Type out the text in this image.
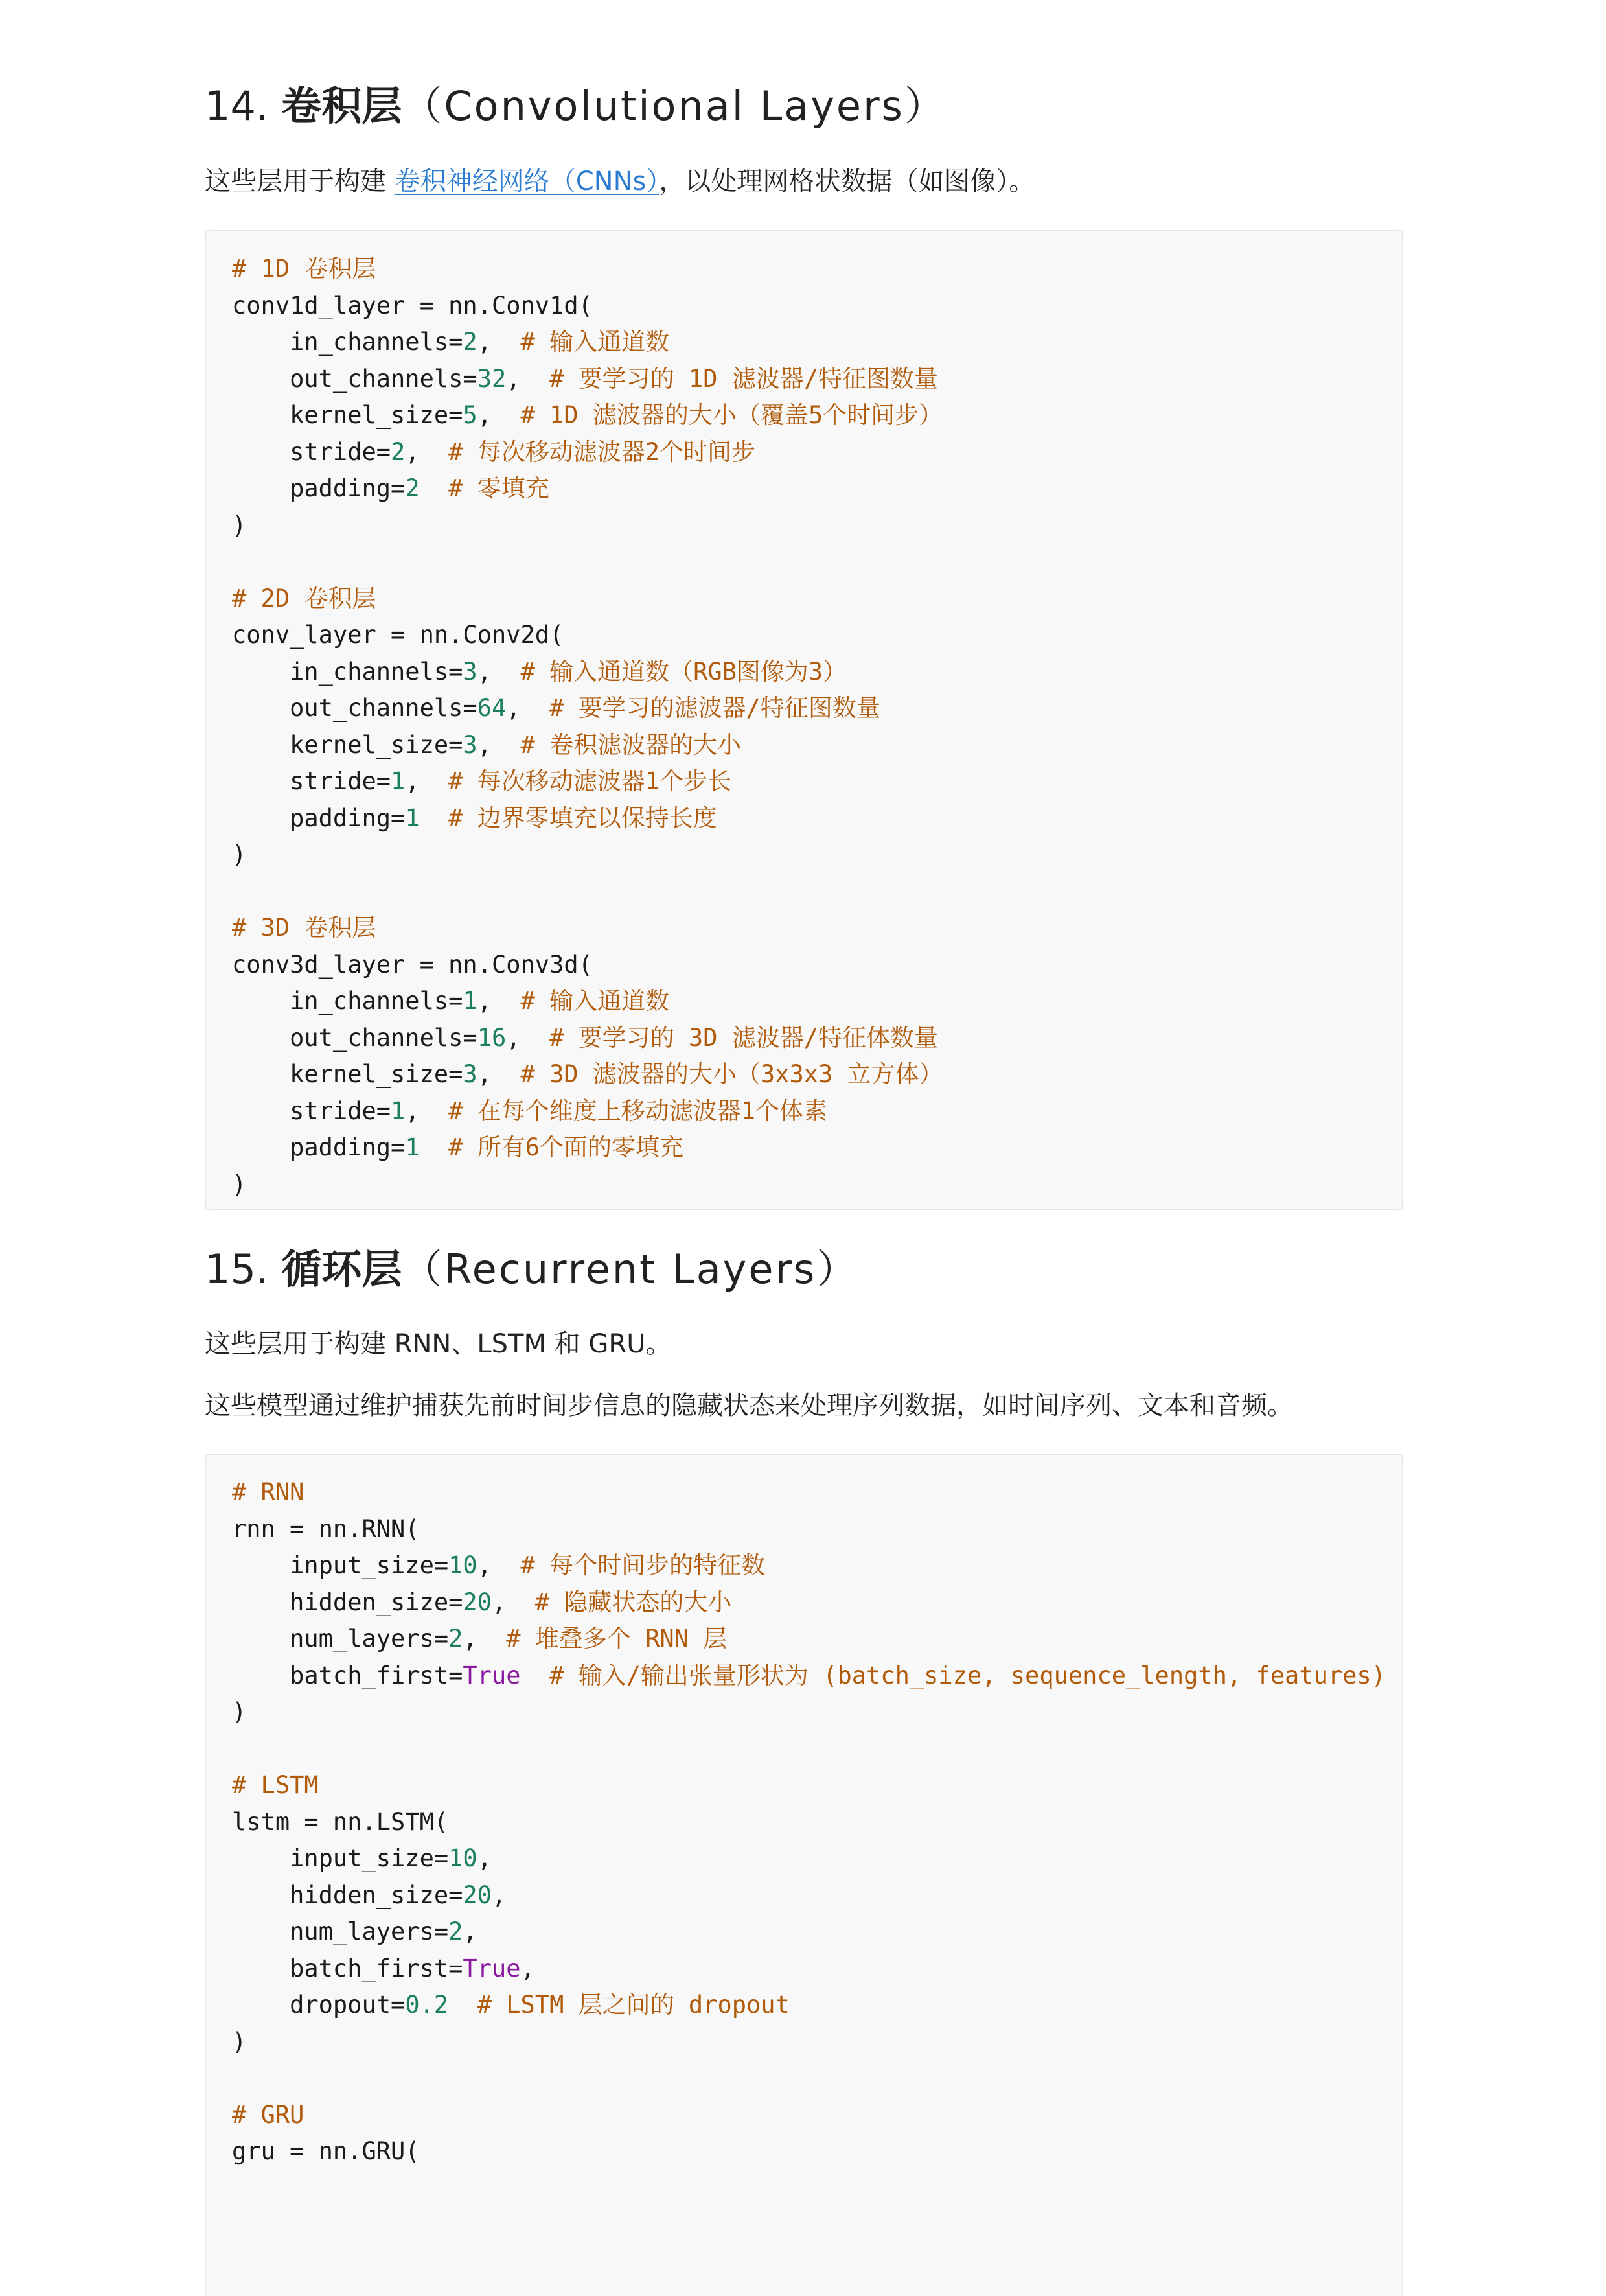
14. 卷积层（Convolutional Layers）

这些层用于构建 卷积神经网络（CNNs），以处理网格状数据（如图像）。

# 1D 卷积层
conv1d_layer = nn.Conv1d(
in_channels=2,  # 输入通道数
out_channels=32,  # 要学习的 1D 滤波器/特征图数量
kernel_size=5,  # 1D 滤波器的大小（覆盖5个时间步）
stride=2,  # 每次移动滤波器2个时间步
padding=2 # 零填充
)
# 2D 卷积层
conv_layer = nn.Conv2d(
in_channels=3,  # 输入通道数（RGB图像为3）
out_channels=64,  # 要学习的滤波器/特征图数量
kernel_size=3,  # 卷积滤波器的大小
stride=1,  # 每次移动滤波器1个步长
padding=1 # 边界零填充以保持长度
)
# 3D 卷积层
conv3d_layer = nn.Conv3d(
in_channels=1,  # 输入通道数
out_channels=16,  # 要学习的 3D 滤波器/特征体数量
kernel_size=3,  # 3D 滤波器的大小（3x3x3 立方体）
stride=1,  # 在每个维度上移动滤波器1个体素
padding=1 # 所有6个面的零填充
)
15. 循环层（Recurrent Layers）

这些层用于构建 RNN、LSTM 和 GRU。

这些模型通过维护捕获先前时间步信息的隐藏状态来处理序列数据，如时间序列、文本和音频。

# RNN
rnn = nn.RNN(
input_size=10,  # 每个时间步的特征数
hidden_size=20,  # 隐藏状态的大小
num_layers=2,  # 堆叠多个 RNN 层
batch_first=True # 输入/输出张量形状为 (batch_size, sequence_length, features)
)
# LSTM
lstm = nn.LSTM(
input_size=10,
hidden_size=20,
num_layers=2,
batch_first=True,
dropout=0.2 # LSTM 层之间的 dropout
)
# GRU
gru = nn.GRU(
